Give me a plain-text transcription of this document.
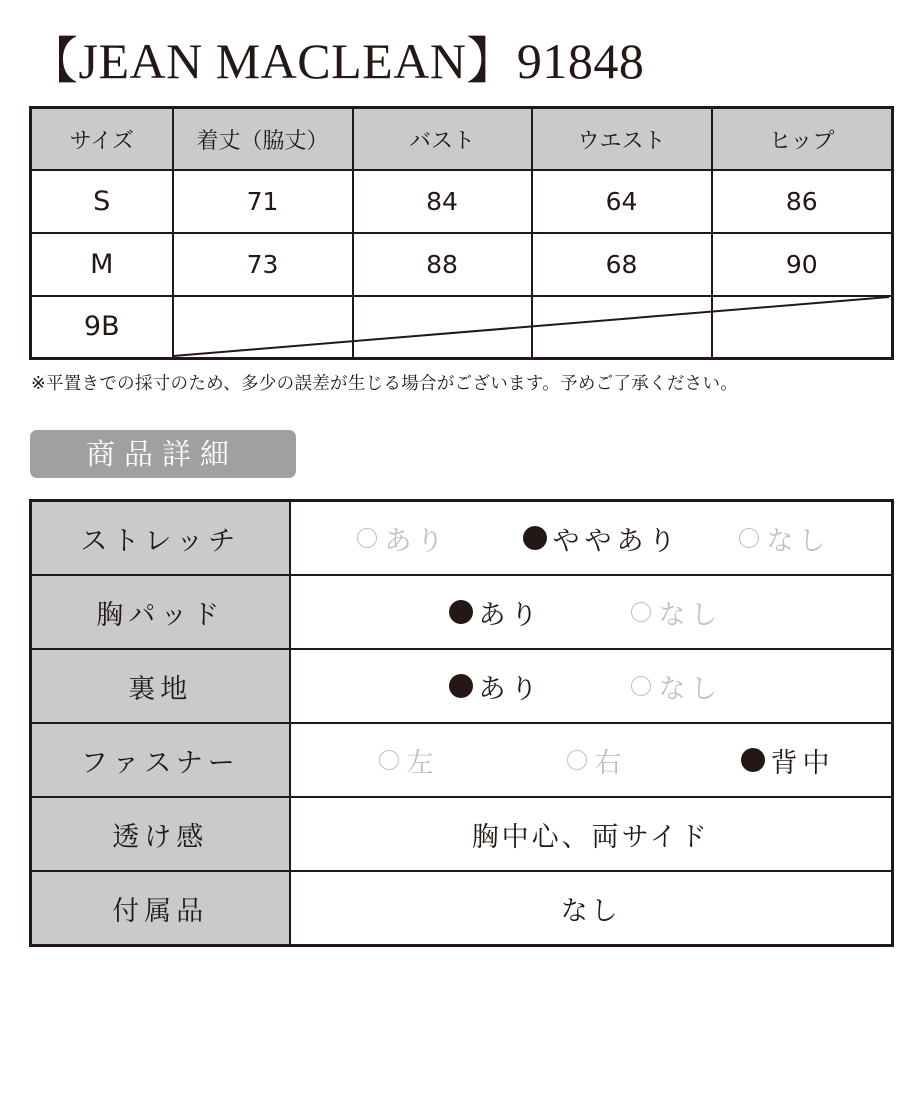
【JEAN MACLEAN】91848
サイズ	着丈（脇丈）	バスト	ウエスト	ヒップ
S	71	84	64	86
M	73	88	68	90
9B				
※平置きでの採寸のため、多少の誤差が生じる場合がございます。予めご了承ください。
商品詳細
ストレッチ	あり ややあり なし

胸パッド	あり なし

裏地	あり なし

ファスナー	左 右 背中

透け感	胸中心、両サイド
付属品	なし
